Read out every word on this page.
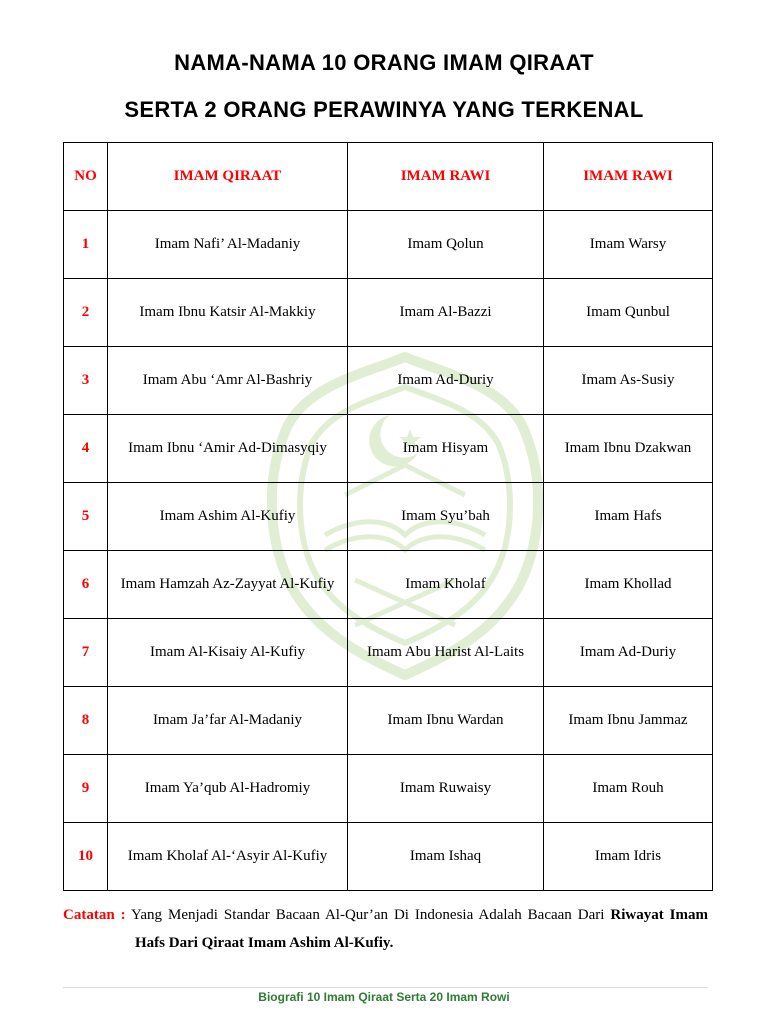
NAMA-NAMA 10 ORANG IMAM QIRAAT
SERTA 2 ORANG PERAWINYA YANG TERKENAL
NO	IMAM QIRAAT	IMAM RAWI	IMAM RAWI
1	Imam Nafi’ Al-Madaniy	Imam Qolun	Imam Warsy
2	Imam Ibnu Katsir Al-Makkiy	Imam Al-Bazzi	Imam Qunbul
3	Imam Abu ‘Amr Al-Bashriy	Imam Ad-Duriy	Imam As-Susiy
4	Imam Ibnu ‘Amir Ad-Dimasyqiy	Imam Hisyam	Imam Ibnu Dzakwan
5	Imam Ashim Al-Kufiy	Imam Syu’bah	Imam Hafs
6	Imam Hamzah Az-Zayyat Al-Kufiy	Imam Kholaf	Imam Khollad
7	Imam Al-Kisaiy Al-Kufiy	Imam Abu Harist Al-Laits	Imam Ad-Duriy
8	Imam Ja’far Al-Madaniy	Imam Ibnu Wardan	Imam Ibnu Jammaz
9	Imam Ya’qub Al-Hadromiy	Imam Ruwaisy	Imam Rouh
10	Imam Kholaf Al-‘Asyir Al-Kufiy	Imam Ishaq	Imam Idris
Catatan : Yang Menjadi Standar Bacaan Al-Qur’an Di Indonesia Adalah Bacaan Dari Riwayat Imam
Hafs Dari Qiraat Imam Ashim Al-Kufiy.
Biografi 10 Imam Qiraat Serta 20 Imam Rowi
